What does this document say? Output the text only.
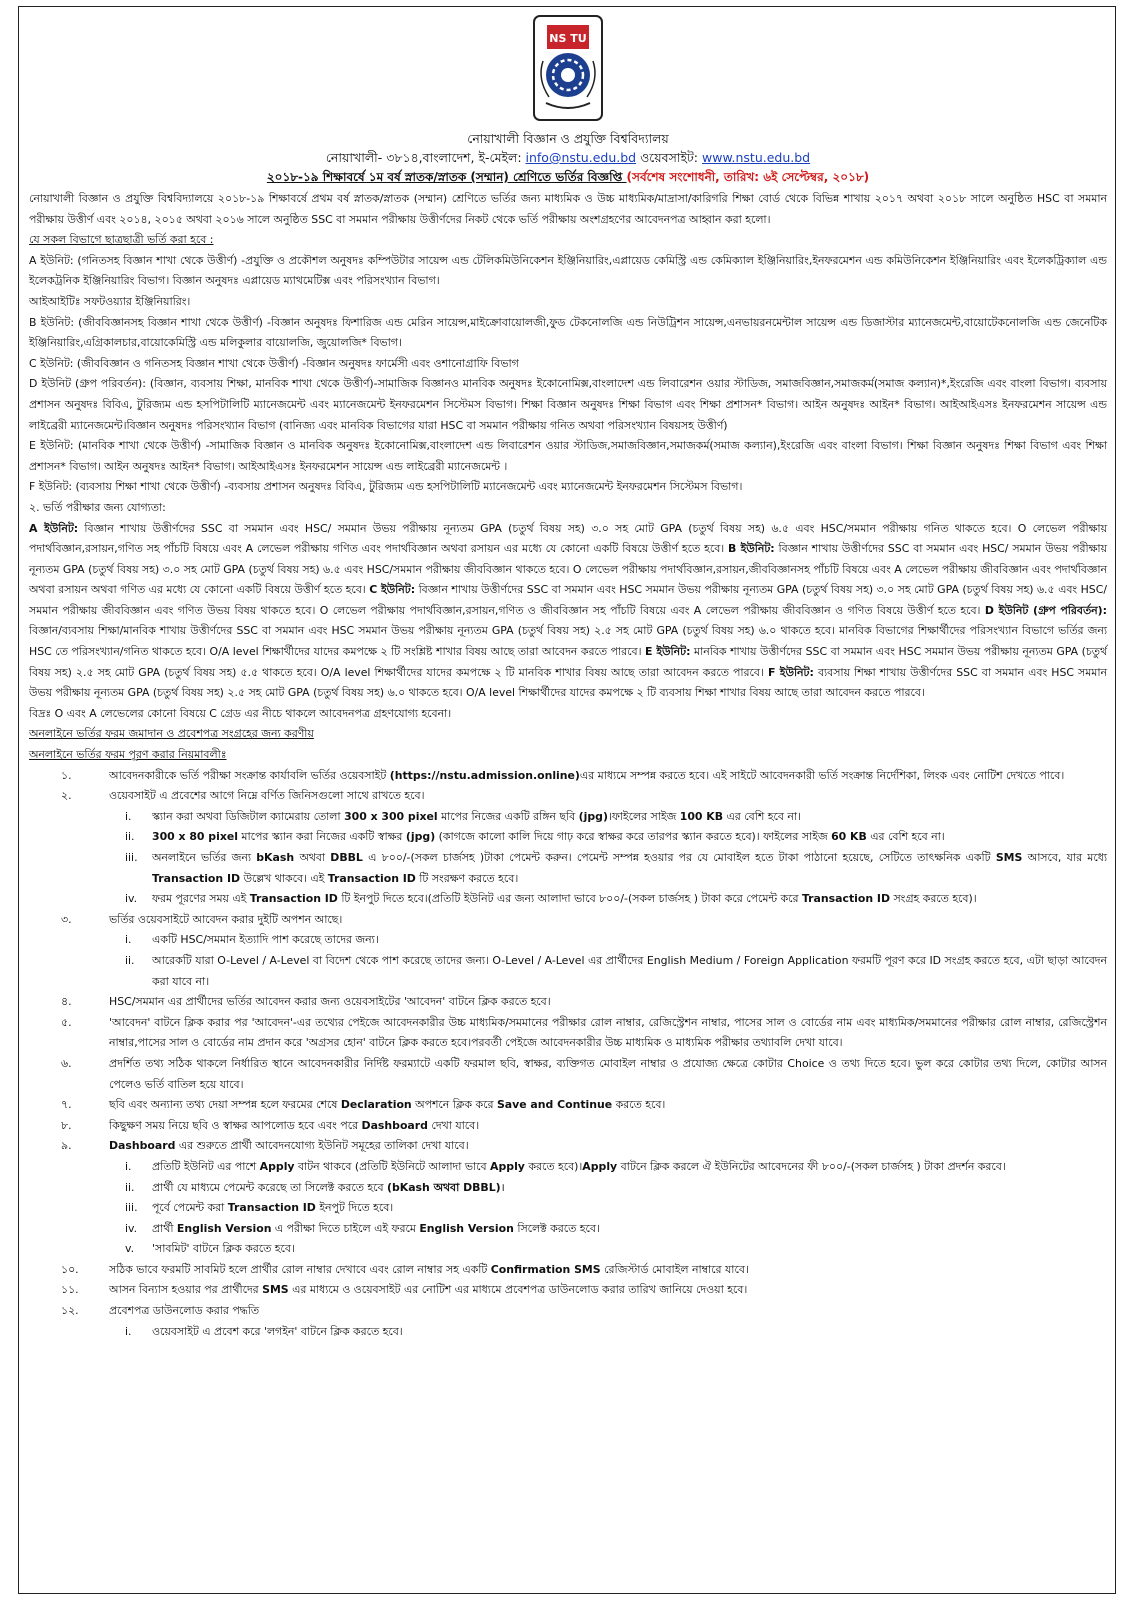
NS TU
নোয়াখালী বিজ্ঞান ও প্রযুক্তি বিশ্ববিদ্যালয়
নোয়াখালী- ৩৮১৪,বাংলাদেশ, ই-মেইল: info@nstu.edu.bd ওয়েবসাইট: www.nstu.edu.bd
২০১৮-১৯ শিক্ষাবর্ষে ১ম বর্ষ স্নাতক/স্নাতক (সম্মান) শ্রেণিতে ভর্তির বিজ্ঞপ্তি (সর্বশেষ সংশোধনী, তারিখ: ৬ই সেপ্টেম্বর, ২০১৮)

নোয়াখালী বিজ্ঞান ও প্রযুক্তি বিশ্ববিদ্যালয়ে ২০১৮-১৯ শিক্ষাবর্ষে প্রথম বর্ষ স্নাতক/স্নাতক (সম্মান) শ্রেণিতে ভর্তির জন্য মাধ্যমিক ও উচ্চ মাধ্যমিক/মাদ্রাসা/কারিগরি শিক্ষা বোর্ড থেকে বিভিন্ন শাখায় ২০১৭ অথবা ২০১৮ সালে অনুষ্ঠিত HSC বা সমমান পরীক্ষায় উত্তীর্ণ এবং ২০১৪, ২০১৫ অথবা ২০১৬ সালে অনুষ্ঠিত SSC বা সমমান পরীক্ষায় উত্তীর্ণদের নিকট থেকে ভর্তি পরীক্ষায় অংশগ্রহণের আবেদনপত্র আহ্বান করা হলো।

যে সকল বিভাগে ছাত্রছাত্রী ভর্তি করা হবে :

A ইউনিট: (গনিতসহ বিজ্ঞান শাখা থেকে উত্তীর্ণ) -প্রযুক্তি ও প্রকৌশল অনুষদঃ কম্পিউটার সায়েন্স এন্ড টেলিকমিউনিকেশন ইঞ্জিনিয়ারিং,এপ্লায়েড কেমিস্ট্রি এন্ড কেমিক্যাল ইঞ্জিনিয়ারিং,ইনফরমেশন এন্ড কমিউনিকেশন ইঞ্জিনিয়ারিং এবং ইলেকট্রিক্যাল এন্ড ইলেকট্রনিক ইঞ্জিনিয়ারিং বিভাগ। বিজ্ঞান অনুষদঃ এপ্লায়েড ম্যাথমেটিক্স এবং পরিসংখ্যান বিভাগ।

আইআইটিঃ সফটওয়্যার ইঞ্জিনিয়ারিং।

B ইউনিট: (জীববিজ্ঞানসহ বিজ্ঞান শাখা থেকে উত্তীর্ণ) -বিজ্ঞান অনুষদঃ ফিশারিজ এন্ড মেরিন সায়েন্স,মাইক্রোবায়োলজী,ফুড টেকনোলজি এন্ড নিউট্রিশন সায়েন্স,এনভায়রনমেন্টাল সায়েন্স এন্ড ডিজাস্টার ম্যানেজমেন্ট,বায়োটেকনোলজি এন্ড জেনেটিক ইঞ্জিনিয়ারিং,এগ্রিকালচার,বায়োকেমিস্ট্রি এন্ড মলিকুলার বায়োলজি, জুয়োলজি* বিভাগ।

C ইউনিট: (জীববিজ্ঞান ও গনিতসহ বিজ্ঞান শাখা থেকে উত্তীর্ণ) -বিজ্ঞান অনুষদঃ ফার্মেসী এবং ওশানোগ্রাফি বিভাগ

D ইউনিট (গ্রুপ পরিবর্তন): (বিজ্ঞান, ব্যবসায় শিক্ষা, মানবিক শাখা থেকে উত্তীর্ণ)-সামাজিক বিজ্ঞানও মানবিক অনুষদঃ ইকোনোমিক্স,বাংলাদেশ এন্ড লিবারেশন ওয়ার স্টাডিজ, সমাজবিজ্ঞান,সমাজকর্ম(সমাজ কল্যান)*,ইংরেজি এবং বাংলা বিভাগ। ব্যবসায় প্রশাসন অনুষদঃ বিবিএ, টুরিজ্যম এন্ড হসপিটালিটি ম্যানেজমেন্ট এবং ম্যানেজমেন্ট ইনফরমেশন সিস্টেমস বিভাগ। শিক্ষা বিজ্ঞান অনুষদঃ শিক্ষা বিভাগ এবং শিক্ষা প্রশাসন* বিভাগ। আইন অনুষদঃ আইন* বিভাগ। আইআইএসঃ ইনফরমেশন সায়েন্স এন্ড লাইব্রেরী ম্যানেজমেন্ট।বিজ্ঞান অনুষদঃ পরিসংখ্যান বিভাগ (বানিজ্য এবং মানবিক বিভাগের যারা HSC বা সমমান পরীক্ষায় গনিত অথবা পরিসংখ্যান বিষয়সহ উত্তীর্ণ)

E ইউনিট: (মানবিক শাখা থেকে উত্তীর্ণ) -সামাজিক বিজ্ঞান ও মানবিক অনুষদঃ ইকোনোমিক্স,বাংলাদেশ এন্ড লিবারেশন ওয়ার স্টাডিজ,সমাজবিজ্ঞান,সমাজকর্ম(সমাজ কল্যান),ইংরেজি এবং বাংলা বিভাগ। শিক্ষা বিজ্ঞান অনুষদঃ শিক্ষা বিভাগ এবং শিক্ষা প্রশাসন* বিভাগ। আইন অনুষদঃ আইন* বিভাগ। আইআইএসঃ ইনফরমেশন সায়েন্স এন্ড লাইব্রেরী ম্যানেজমেন্ট ।

F ইউনিট: (ব্যবসায় শিক্ষা শাখা থেকে উত্তীর্ণ) -ব্যবসায় প্রশাসন অনুষদঃ বিবিএ, টুরিজ্যম এন্ড হসপিটালিটি ম্যানেজমেন্ট এবং ম্যানেজমেন্ট ইনফরমেশন সিস্টেমস বিভাগ।

২. ভর্তি পরীক্ষার জন্য যোগ্যতা:

A ইউনিট: বিজ্ঞান শাখায় উত্তীর্ণদের SSC বা সমমান এবং HSC/ সমমান উভয় পরীক্ষায় নূন্যতম GPA (চতুর্থ বিষয় সহ) ৩.০ সহ মোট GPA (চতুর্থ বিষয় সহ) ৬.৫ এবং HSC/সমমান পরীক্ষায় গনিত থাকতে হবে। O লেভেল পরীক্ষায় পদার্থবিজ্ঞান,রসায়ন,গণিত সহ পাঁচটি বিষয়ে এবং A লেভেল পরীক্ষায় গণিত এবং পদার্থবিজ্ঞান অথবা রসায়ন এর মধ্যে যে কোনো একটি বিষয়ে উত্তীর্ণ হতে হবে। B ইউনিট: বিজ্ঞান শাখায় উত্তীর্ণদের SSC বা সমমান এবং HSC/ সমমান উভয় পরীক্ষায় নূন্যতম GPA (চতুর্থ বিষয় সহ) ৩.০ সহ মোট GPA (চতুর্থ বিষয় সহ) ৬.৫ এবং HSC/সমমান পরীক্ষায় জীববিজ্ঞান থাকতে হবে। O লেভেল পরীক্ষায় পদার্থবিজ্ঞান,রসায়ন,জীববিজ্ঞানসহ পাঁচটি বিষয়ে এবং A লেভেল পরীক্ষায় জীববিজ্ঞান এবং পদার্থবিজ্ঞান অথবা রসায়ন অথবা গণিত এর মধ্যে যে কোনো একটি বিষয়ে উত্তীর্ণ হতে হবে। C ইউনিট: বিজ্ঞান শাখায় উত্তীর্ণদের SSC বা সমমান এবং HSC সমমান উভয় পরীক্ষায় নূন্যতম GPA (চতুর্থ বিষয় সহ) ৩.০ সহ মোট GPA (চতুর্থ বিষয় সহ) ৬.৫ এবং HSC/সমমান পরীক্ষায় জীববিজ্ঞান এবং গণিত উভয় বিষয় থাকতে হবে। O লেভেল পরীক্ষায় পদার্থবিজ্ঞান,রসায়ন,গণিত ও জীববিজ্ঞান সহ পাঁচটি বিষয়ে এবং A লেভেল পরীক্ষায় জীববিজ্ঞান ও গণিত বিষয়ে উত্তীর্ণ হতে হবে। D ইউনিট (গ্রুপ পরিবর্তন): বিজ্ঞান/ব্যবসায় শিক্ষা/মানবিক শাখায় উত্তীর্ণদের SSC বা সমমান এবং HSC সমমান উভয় পরীক্ষায় নূন্যতম GPA (চতুর্থ বিষয় সহ) ২.৫ সহ মোট GPA (চতুর্থ বিষয় সহ) ৬.০ থাকতে হবে। মানবিক বিভাগের শিক্ষার্থীদের পরিসংখ্যান বিভাগে ভর্তির জন্য HSC তে পরিসংখ্যান/গনিত থাকতে হবে। O/A level শিক্ষার্থীদের যাদের কমপক্ষে ২ টি সংশ্লিষ্ট শাখার বিষয় আছে তারা আবেদন করতে পারবে। E ইউনিট: মানবিক শাখায় উত্তীর্ণদের SSC বা সমমান এবং HSC সমমান উভয় পরীক্ষায় নূন্যতম GPA (চতুর্থ বিষয় সহ) ২.৫ সহ মোট GPA (চতুর্থ বিষয় সহ) ৫.৫ থাকতে হবে। O/A level শিক্ষার্থীদের যাদের কমপক্ষে ২ টি মানবিক শাখার বিষয় আছে তারা আবেদন করতে পারবে। F ইউনিট: ব্যবসায় শিক্ষা শাখায় উত্তীর্ণদের SSC বা সমমান এবং HSC সমমান উভয় পরীক্ষায় নূন্যতম GPA (চতুর্থ বিষয় সহ) ২.৫ সহ মোট GPA (চতুর্থ বিষয় সহ) ৬.০ থাকতে হবে। O/A level শিক্ষার্থীদের যাদের কমপক্ষে ২ টি ব্যবসায় শিক্ষা শাখার বিষয় আছে তারা আবেদন করতে পারবে।

বিদ্রঃ O এবং A লেভেলের কোনো বিষয়ে C গ্রেড এর নীচে থাকলে আবেদনপত্র গ্রহণযোগ্য হবেনা।

অনলাইনে ভর্তির ফরম জমাদান ও প্রবেশপত্র সংগ্রহের জন্য করণীয়

অনলাইনে ভর্তির ফরম পূরণ করার নিয়মাবলীঃ

১.	আবেদনকারীকে ভর্তি পরীক্ষা সংক্রান্ত কার্যাবলি ভর্তির ওয়েবসাইট (https://nstu.admission.online)এর মাধ্যমে সম্পন্ন করতে হবে। এই সাইটে আবেদনকারী ভর্তি সংক্রান্ত নির্দেশিকা, লিংক এবং নোটিশ দেখতে পাবে।
২.	ওয়েবসাইট এ প্রবেশের আগে নিম্নে বর্ণিত জিনিসগুলো সাথে রাখতে হবে।
i. স্ক্যান করা অথবা ডিজিটাল ক্যামেরায় তোলা 300 x 300 pixel মাপের নিজের একটি রঙ্গিন ছবি (jpg)।ফাইলের সাইজ 100 KB এর বেশি হবে না।
ii. 300 x 80 pixel মাপের স্ক্যান করা নিজের একটি স্বাক্ষর (jpg) (কাগজে কালো কালি দিয়ে গাঢ় করে স্বাক্ষর করে তারপর স্ক্যান করতে হবে)। ফাইলের সাইজ 60 KB এর বেশি হবে না।
iii. অনলাইনে ভর্তির জন্য bKash অথবা DBBL এ ৮০০/-(সকল চার্জসহ )টাকা পেমেন্ট করুন। পেমেন্ট সম্পন্ন হওয়ার পর যে মোবাইল হতে টাকা পাঠানো হয়েছে, সেটিতে তাৎক্ষনিক একটি SMS আসবে, যার মধ্যে Transaction ID উল্লেখ থাকবে। এই Transaction ID টি সংরক্ষণ করতে হবে।
iv. ফরম পূরণের সময় এই Transaction ID টি ইনপুট দিতে হবে।(প্রতিটি ইউনিট এর জন্য আলাদা ভাবে ৮০০/-(সকল চার্জসহ ) টাকা করে পেমেন্ট করে Transaction ID সংগ্রহ করতে হবে)।
৩.	ভর্তির ওয়েবসাইটে আবেদন করার দুইটি অপশন আছে।
i. একটি HSC/সমমান ইত্যাদি পাশ করেছে তাদের জন্য।
ii. আরেকটি যারা O-Level / A-Level বা বিদেশ থেকে পাশ করেছে তাদের জন্য। O-Level / A-Level এর প্রার্থীদের English Medium / Foreign Application ফরমটি পূরণ করে ID সংগ্রহ করতে হবে, এটা ছাড়া আবেদন করা যাবে না।
৪.	HSC/সমমান এর প্রার্থীদের ভর্তির আবেদন করার জন্য ওয়েবসাইটের 'আবেদন' বাটনে ক্লিক করতে হবে।
৫.	'আবেদন' বাটনে ক্লিক করার পর 'আবেদন'-এর তথ্যের পেইজে আবেদনকারীর উচ্চ মাধ্যমিক/সমমানের পরীক্ষার রোল নাম্বার, রেজিস্ট্রেশন নাম্বার, পাসের সাল ও বোর্ডের নাম এবং মাধ্যমিক/সমমানের পরীক্ষার রোল নাম্বার, রেজিস্ট্রেশন নাম্বার,পাসের সাল ও বোর্ডের নাম প্রদান করে 'অগ্রসর হোন' বাটনে ক্লিক করতে হবে।পরবর্তী পেইজে আবেদনকারীর উচ্চ মাধ্যমিক ও মাধ্যমিক পরীক্ষার তথ্যাবলি দেখা যাবে।
৬.	প্রদর্শিত তথ্য সঠিক থাকলে নির্ধারিত স্থানে আবেদনকারীর নির্দিষ্ট ফরম্যাটে একটি ফরমাল ছবি, স্বাক্ষর, ব্যক্তিগত মোবাইল নাম্বার ও প্রযোজ্য ক্ষেত্রে কোটার Choice ও তথ্য দিতে হবে। ভুল করে কোটার তথ্য দিলে, কোটার আসন পেলেও ভর্তি বাতিল হয়ে যাবে।
৭.	ছবি এবং অন্যান্য তথ্য দেয়া সম্পন্ন হলে ফরমের শেষে Declaration অপশনে ক্লিক করে Save and Continue করতে হবে।
৮.	কিছুক্ষণ সময় নিয়ে ছবি ও স্বাক্ষর আপলোড হবে এবং পরে Dashboard দেখা যাবে।
৯.	Dashboard এর শুরুতে প্রার্থী আবেদনযোগ্য ইউনিট সমূহের তালিকা দেখা যাবে।
i. প্রতিটি ইউনিট এর পাশে Apply বাটন থাকবে (প্রতিটি ইউনিটে আলাদা ভাবে Apply করতে হবে)।Apply বাটনে ক্লিক করলে ঐ ইউনিটের আবেদনের ফী ৮০০/-(সকল চার্জসহ ) টাকা প্রদর্শন করবে।
ii. প্রার্থী যে মাধ্যমে পেমেন্ট করেছে তা সিলেক্ট করতে হবে (bKash অথবা DBBL)।
iii. পূর্বে পেমেন্ট করা Transaction ID ইনপুট দিতে হবে।
iv. প্রার্থী English Version এ পরীক্ষা দিতে চাইলে এই ফরমে English Version সিলেক্ট করতে হবে।
v. 'সাবমিট' বাটনে ক্লিক করতে হবে।
১০.	সঠিক ভাবে ফরমটি সাবমিট হলে প্রার্থীর রোল নাম্বার দেখাবে এবং রোল নাম্বার সহ একটি Confirmation SMS রেজিস্টার্ড মোবাইল নাম্বারে যাবে।
১১.	আসন বিন্যাস হওয়ার পর প্রার্থীদের SMS এর মাধ্যমে ও ওয়েবসাইট এর নোটিশ এর মাধ্যমে প্রবেশপত্র ডাউনলোড করার তারিখ জানিয়ে দেওয়া হবে।
১২.	প্রবেশপত্র ডাউনলোড করার পদ্ধতি
i. ওয়েবসাইট এ প্রবেশ করে 'লগইন' বাটনে ক্লিক করতে হবে।
